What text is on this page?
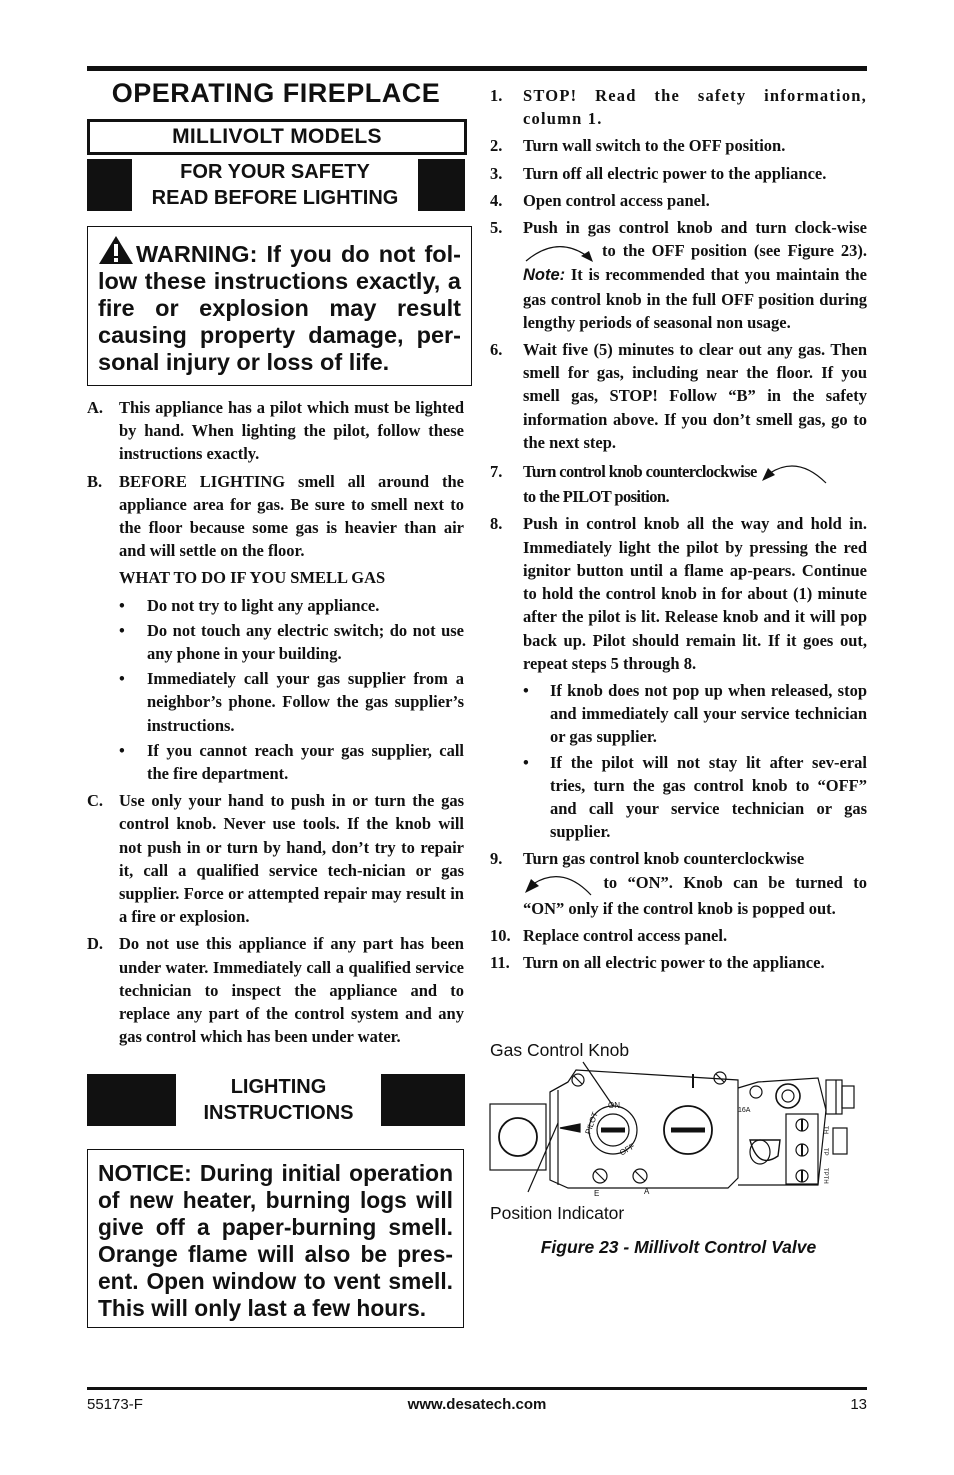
OPERATING FIREPLACE
MILLIVOLT MODELS
FOR YOUR SAFETY
READ BEFORE LIGHTING
WARNING: If you do not fol-low these instructions exactly, a fire or explosion may result causing property damage, per-sonal injury or loss of life.
A. This appliance has a pilot which must be lighted by hand. When lighting the pilot, follow these instructions exactly.
B.	BEFORE LIGHTING smell all around the appliance area for gas. Be sure to smell next to the floor because some gas is heavier than air and will settle on the floor.
WHAT TO DO IF YOU SMELL GAS
•	Do not try to light any appliance.
•	Do not touch any electric switch; do not use any phone in your building.
•	Immediately call your gas supplier from a neighbor’s phone. Follow the gas supplier’s instructions.
•	If you cannot reach your gas supplier, call the fire department.
C. Use only your hand to push in or turn the gas control knob. Never use tools. If the knob will not push in or turn by hand, don’t try to repair it, call a qualified service tech-nician or gas supplier. Force or attempted repair may result in a fire or explosion.
D. Do not use this appliance if any part has been under water. Immediately call a qualified service technician to inspect the appliance and to replace any part of the control system and any gas control which has been under water.
LIGHTING
INSTRUCTIONS
NOTICE: During initial operation of new heater, burning logs will give off a paper-burning smell. Orange flame will also be pres-ent. Open window to vent smell. This will only last a few hours.
1.	STOP! Read the safety information, column 1.
2.	Turn wall switch to the OFF position.
3.	Turn off all electric power to the appliance.
4.	Open control access panel.
5.	Push in gas control knob and turn clock-wise  to the OFF position (see Figure 23). Note: It is recommended that you maintain the gas control knob in the full OFF position during lengthy periods of seasonal non usage.
6.	Wait five (5) minutes to clear out any gas. Then smell for gas, including near the floor. If you smell gas, STOP! Follow “B” in the safety information above. If you don’t smell gas, go to the next step.
7.	Turn control knob counterclockwise
to the PILOT position.
8.	Push in control knob all the way and hold in. Immediately light the pilot by pressing the red ignitor button until a flame ap-pears. Continue to hold the control knob in for about (1) minute after the pilot is lit. Release knob and it will pop back up. Pilot should remain lit. If it goes out, repeat steps 5 through 8.
•	If knob does not pop up when released, stop and immediately call your service technician or gas supplier.
•	If the pilot will not stay lit after sev-eral tries, turn the gas control knob to “OFF” and call your service technician or gas supplier.
9.	Turn gas control knob counterclockwise
to “ON”. Knob can be turned to “ON” only if the control knob is popped out.
10. Replace control access panel.
11. Turn on all electric power to the appliance.
Gas Control Knob
Position Indicator
ON
PILOT
OFF
E	A
16A
TH
TP
TPTH
Figure 23 - Millivolt Control Valve
55173-F	www.desatech.com	13
